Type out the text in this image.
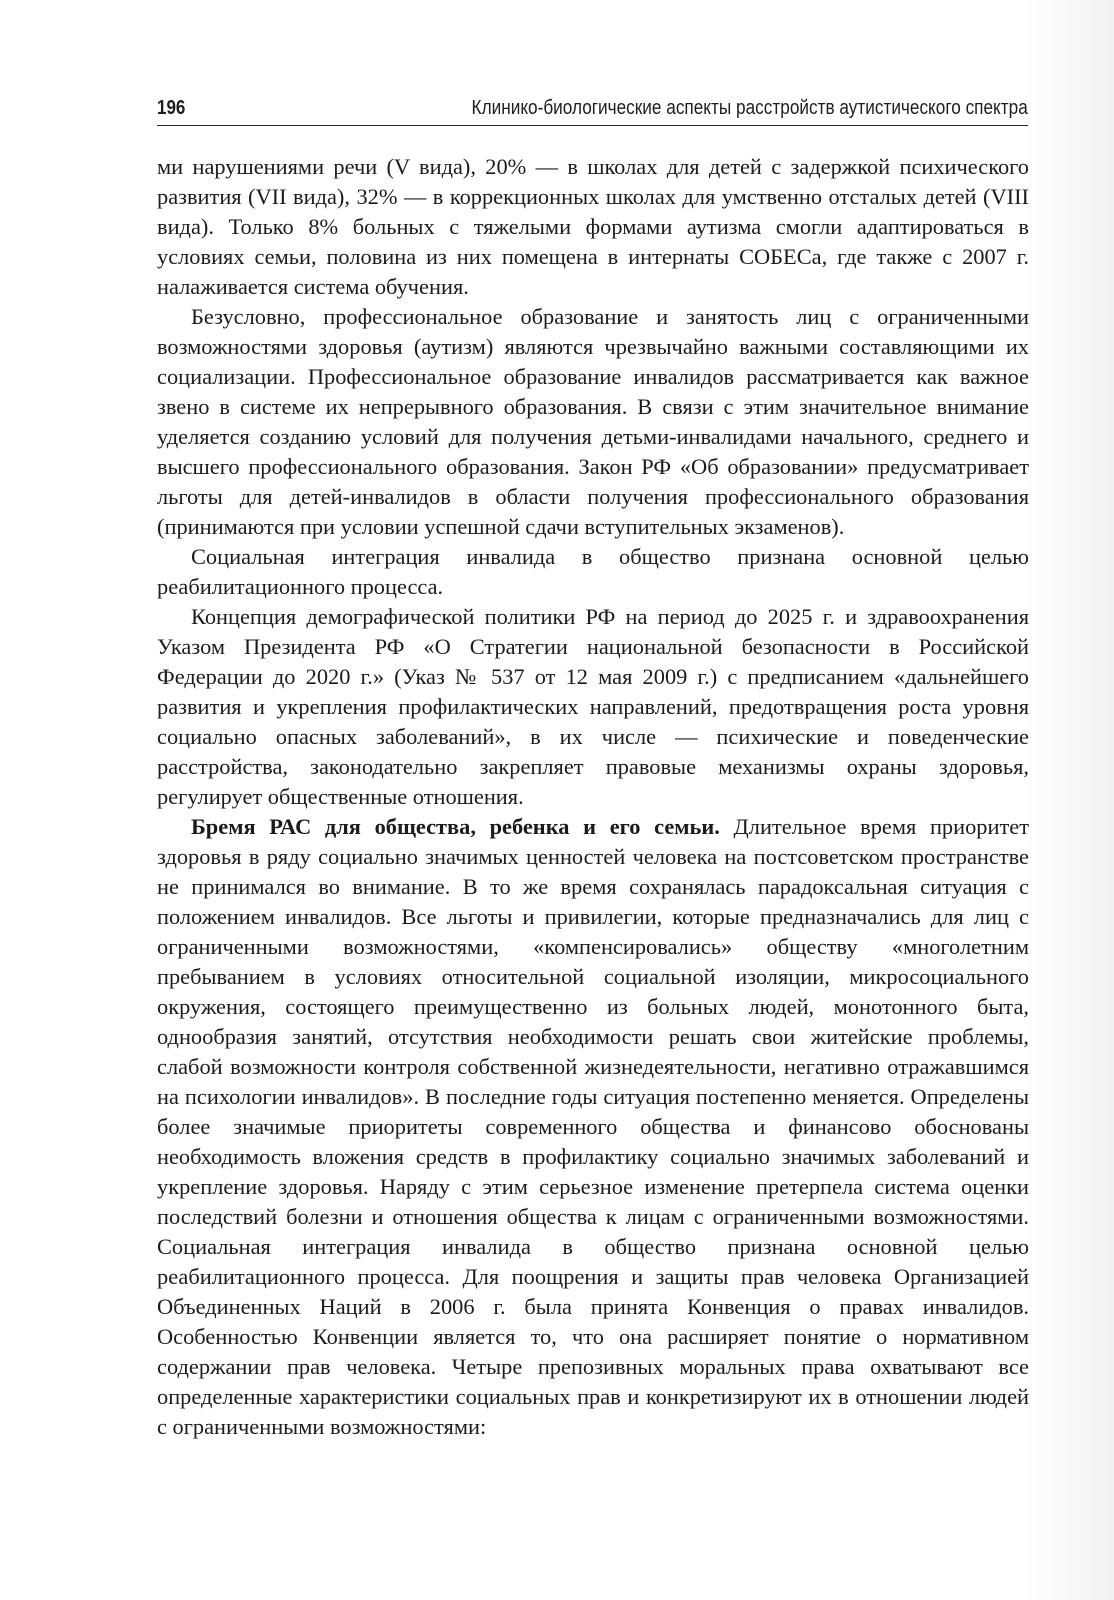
196	Клинико-биологические аспекты расстройств аутистического спектра

ми нарушениями речи (V вида), 20% — в школах для детей с задержкой психического развития (VII вида), 32% — в коррекционных школах для умственно отсталых детей (VIII вида). Только 8% больных с тяжелыми формами аутизма смогли адаптироваться в условиях семьи, половина из них помещена в интернаты СОБЕСа, где также с 2007 г. налаживается система обучения.

Безусловно, профессиональное образование и занятость лиц с ограниченными возможностями здоровья (аутизм) являются чрезвычайно важными составляющими их социализации. Профессиональное образование инвалидов рассматривается как важное звено в системе их непрерывного образования. В связи с этим значительное внимание уделяется созданию условий для получения детьми-инвалидами начального, среднего и высшего профессионального образования. Закон РФ «Об образовании» предусматривает льготы для детей-инвалидов в области получения профессионального образования (принимаются при условии успешной сдачи вступительных экзаменов).

Социальная интеграция инвалида в общество признана основной целью реабилитационного процесса.

Концепция демографической политики РФ на период до 2025 г. и здравоохранения Указом Президента РФ «О Стратегии национальной безопасности в Российской Федерации до 2020 г.» (Указ № 537 от 12 мая 2009 г.) с предписанием «дальнейшего развития и укрепления профилактических направлений, предотвращения роста уровня социально опасных заболеваний», в их числе — психические и поведенческие расстройства, законодательно закрепляет правовые механизмы охраны здоровья, регулирует общественные отношения.

Бремя РАС для общества, ребенка и его семьи. Длительное время приоритет здоровья в ряду социально значимых ценностей человека на постсоветском пространстве не принимался во внимание. В то же время сохранялась парадоксальная ситуация с положением инвалидов. Все льготы и привилегии, которые предназначались для лиц с ограниченными возможностями, «компенсировались» обществу «многолетним пребыванием в условиях относительной социальной изоляции, микросоциального окружения, состоящего преимущественно из больных людей, монотонного быта, однообразия занятий, отсутствия необходимости решать свои житейские проблемы, слабой возможности контроля собственной жизнедеятельности, негативно отражавшимся на психологии инвалидов». В последние годы ситуация постепенно меняется. Определены более значимые приоритеты современного общества и финансово обоснованы необходимость вложения средств в профилактику социально значимых заболеваний и укрепление здоровья. Наряду с этим серьезное изменение претерпела система оценки последствий болезни и отношения общества к лицам с ограниченными возможностями. Социальная интеграция инвалида в общество признана основной целью реабилитационного процесса. Для поощрения и защиты прав человека Организацией Объединенных Наций в 2006 г. была принята Конвенция о правах инвалидов. Особенностью Конвенции является то, что она расширяет понятие о нормативном содержании прав человека. Четыре препозивных моральных права охватывают все определенные характеристики социальных прав и конкретизируют их в отношении людей с ограниченными возможностями:
